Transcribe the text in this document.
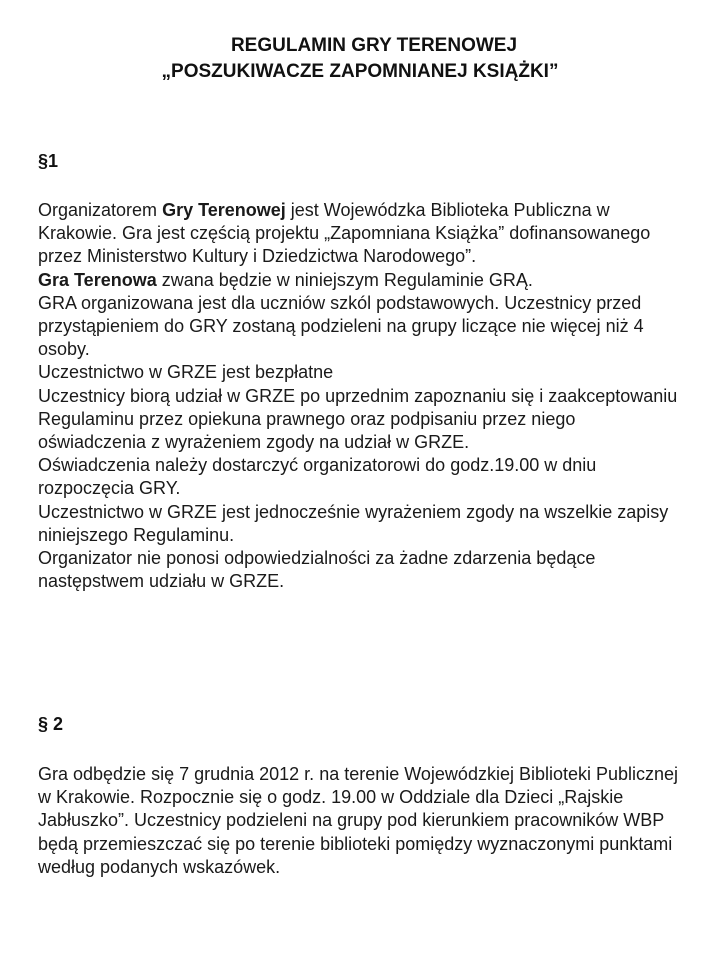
REGULAMIN GRY TERENOWEJ
„POSZUKIWACZE ZAPOMNIANEJ KSIĄŻKI”
§1

Organizatorem Gry Terenowej jest Wojewódzka Biblioteka Publiczna w Krakowie. Gra jest częścią projektu „Zapomniana Książka” dofinansowanego przez Ministerstwo Kultury i Dziedzictwa Narodowego”.

Gra Terenowa zwana będzie w niniejszym Regulaminie GRĄ.

GRA organizowana jest dla uczniów szkól podstawowych. Uczestnicy przed przystąpieniem do GRY zostaną podzieleni na grupy liczące nie więcej niż 4 osoby.

Uczestnictwo w GRZE jest bezpłatne

Uczestnicy biorą udział w GRZE po uprzednim zapoznaniu się i zaakceptowaniu Regulaminu przez opiekuna prawnego oraz podpisaniu przez niego oświadczenia z wyrażeniem zgody na udział w GRZE.

Oświadczenia należy dostarczyć organizatorowi do godz.19.00 w dniu rozpoczęcia GRY.

Uczestnictwo w GRZE jest jednocześnie wyrażeniem zgody na wszelkie zapisy niniejszego Regulaminu.

Organizator nie ponosi odpowiedzialności za żadne zdarzenia będące następstwem udziału w GRZE.

§ 2

Gra odbędzie się 7 grudnia 2012 r. na terenie Wojewódzkiej Biblioteki Publicznej w Krakowie. Rozpocznie się o godz. 19.00 w Oddziale dla Dzieci „Rajskie Jabłuszko”. Uczestnicy podzieleni na grupy pod kierunkiem pracowników WBP będą przemieszczać się po terenie biblioteki pomiędzy wyznaczonymi punktami według podanych wskazówek.
